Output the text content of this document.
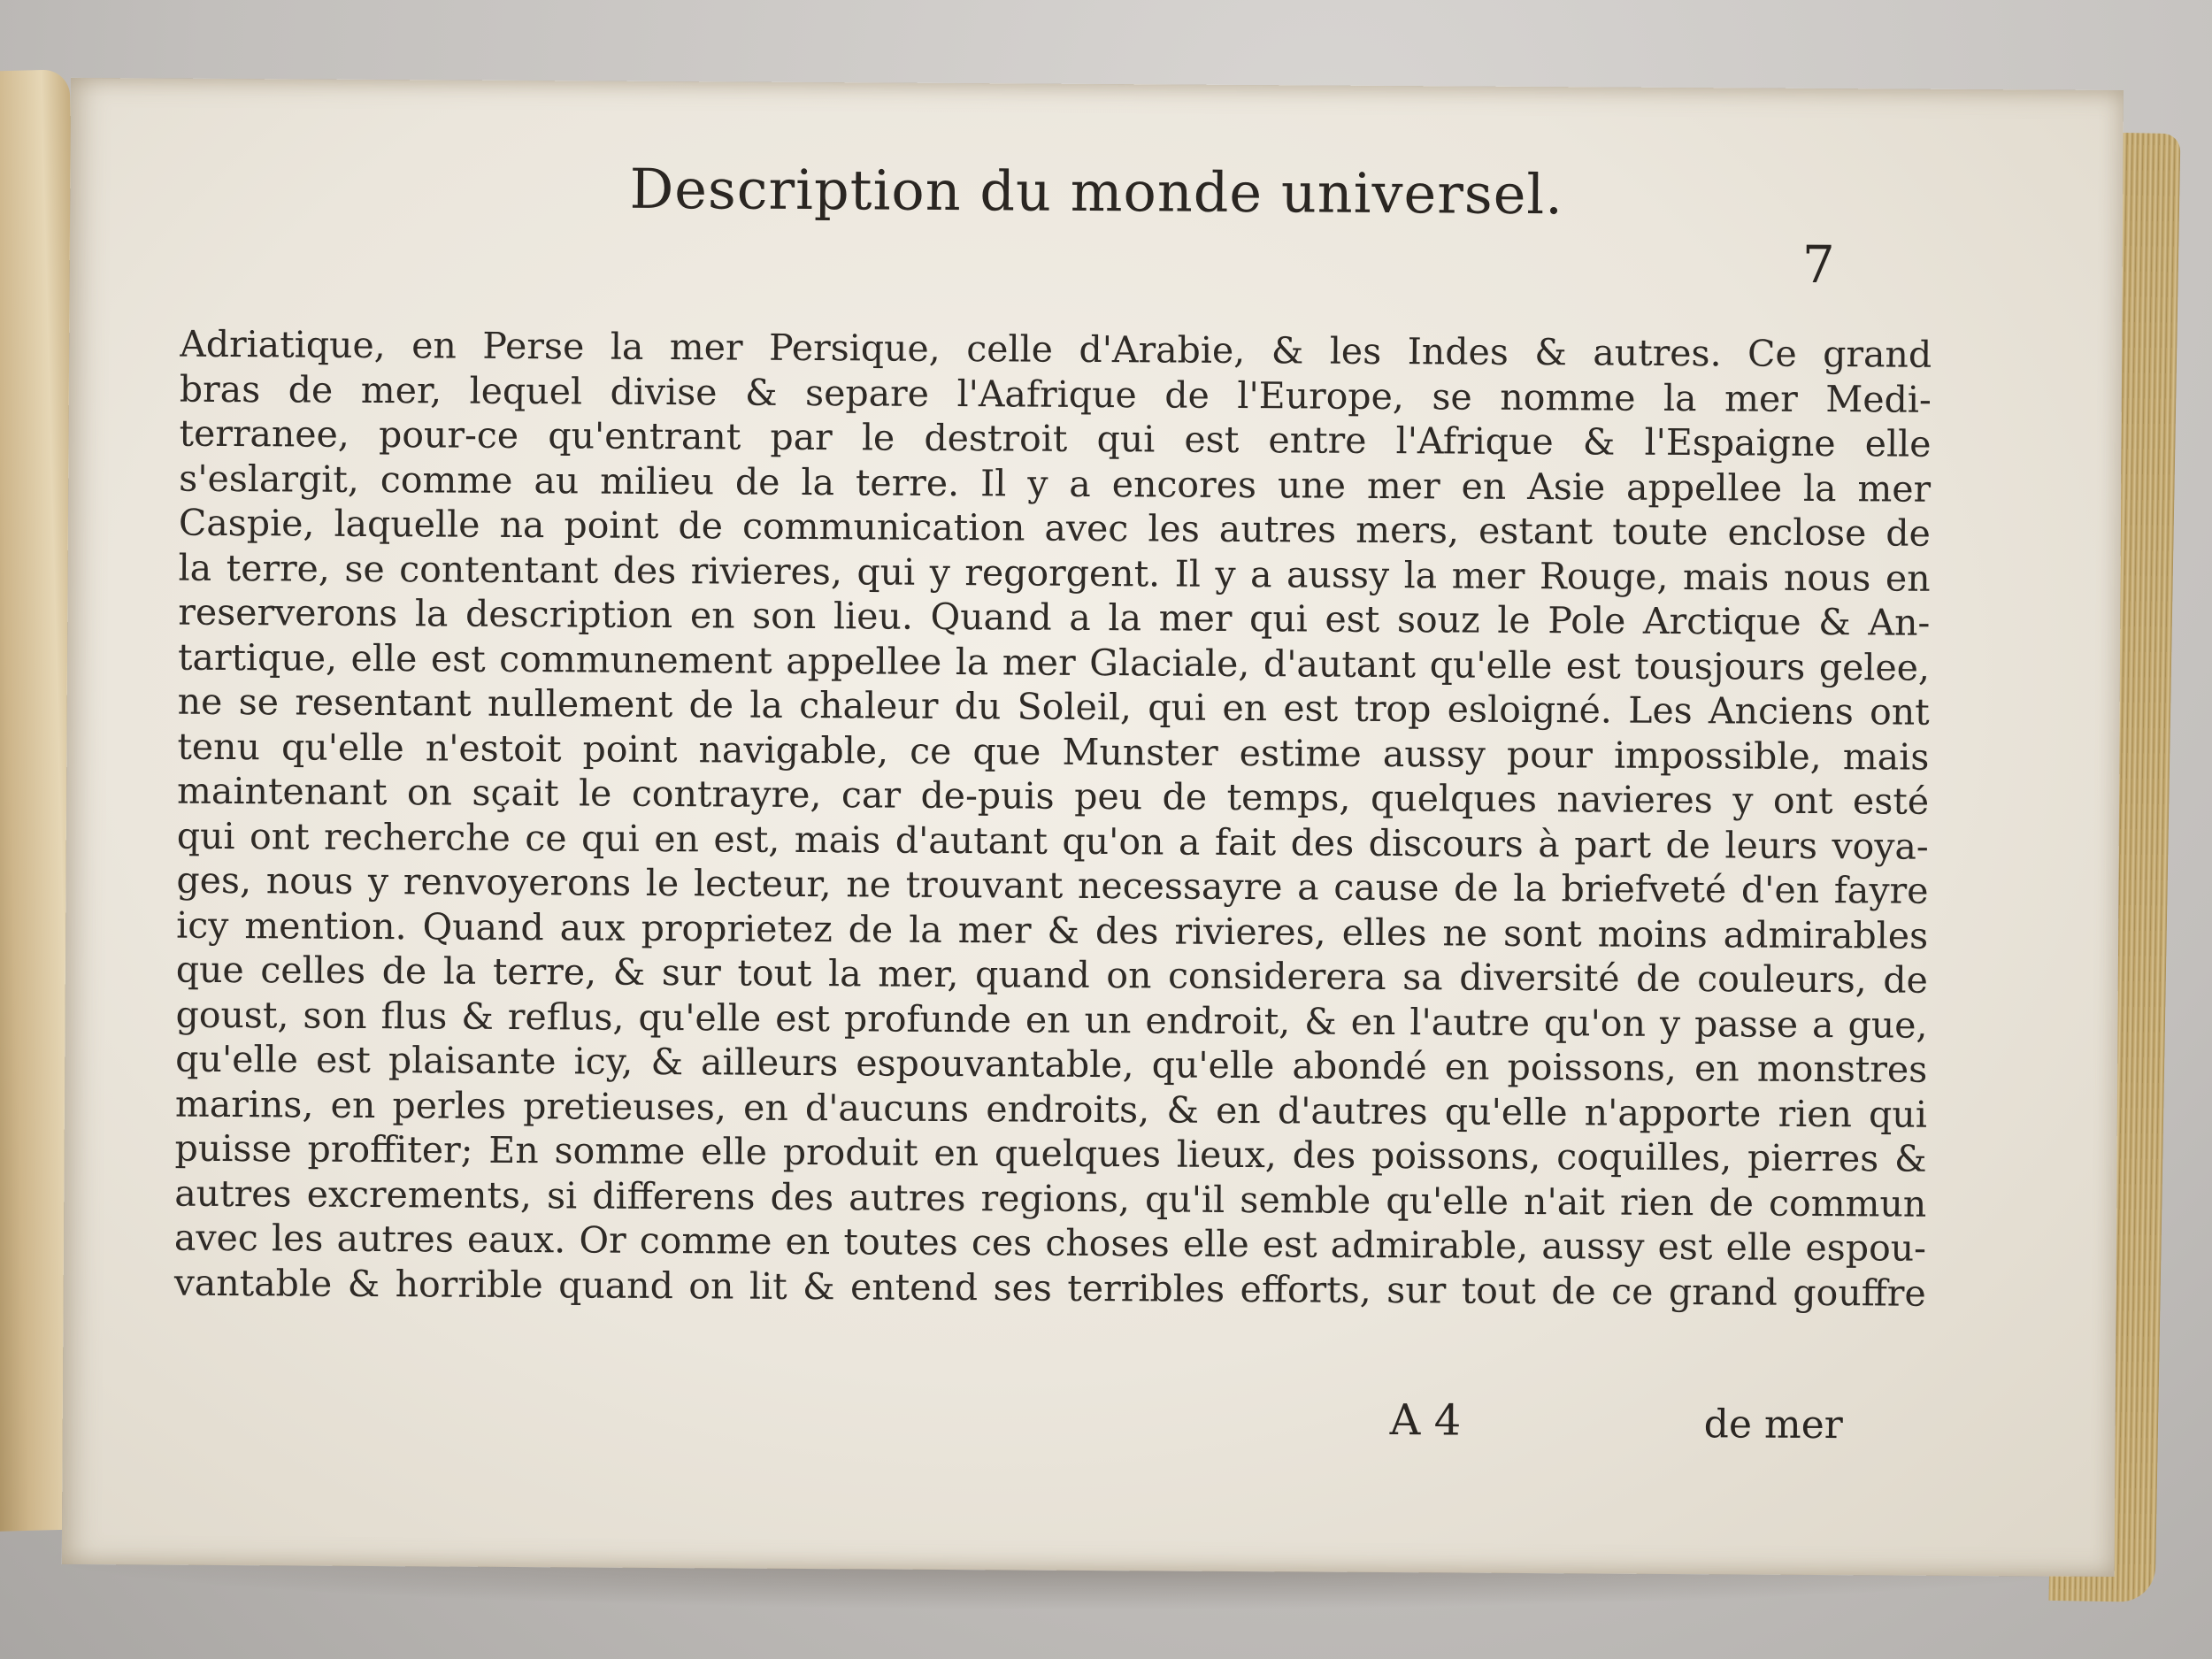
Description du monde universel.
7
Adriatique, en Perse la mer Persique, celle d'Arabie, & les Indes & autres. Ce grand
bras de mer, lequel divise & separe l'Aafrique de l'Europe, se nomme la mer Medi-
terranee, pour-ce qu'entrant par le destroit qui est entre l'Afrique & l'Espaigne elle
s'eslargit, comme au milieu de la terre. Il y a encores une mer en Asie appellee la mer
Caspie, laquelle na point de communication avec les autres mers, estant toute enclose de
la terre, se contentant des rivieres, qui y regorgent. Il y a aussy la mer Rouge, mais nous en
reserverons la description en son lieu. Quand a la mer qui est souz le Pole Arctique & An-
tartique, elle est communement appellee la mer Glaciale, d'autant qu'elle est tousjours gelee,
ne se resentant nullement de la chaleur du Soleil, qui en est trop esloigné. Les Anciens ont
tenu qu'elle n'estoit point navigable, ce que Munster estime aussy pour impossible, mais
maintenant on sçait le contrayre, car de-puis peu de temps, quelques navieres y ont esté
qui ont recherche ce qui en est, mais d'autant qu'on a fait des discours à part de leurs voya-
ges, nous y renvoyerons le lecteur, ne trouvant necessayre a cause de la briefveté d'en fayre
icy mention. Quand aux proprietez de la mer & des rivieres, elles ne sont moins admirables
que celles de la terre, & sur tout la mer, quand on considerera sa diversité de couleurs, de
goust, son flus & reflus, qu'elle est profunde en un endroit, & en l'autre qu'on y passe a gue,
qu'elle est plaisante icy, & ailleurs espouvantable, qu'elle abondé en poissons, en monstres
marins, en perles pretieuses, en d'aucuns endroits, & en d'autres qu'elle n'apporte rien qui
puisse proffiter; En somme elle produit en quelques lieux, des poissons, coquilles, pierres &
autres excrements, si differens des autres regions, qu'il semble qu'elle n'ait rien de commun
avec les autres eaux. Or comme en toutes ces choses elle est admirable, aussy est elle espou-
vantable & horrible quand on lit & entend ses terribles efforts, sur tout de ce grand gouffre
A 4	de mer
